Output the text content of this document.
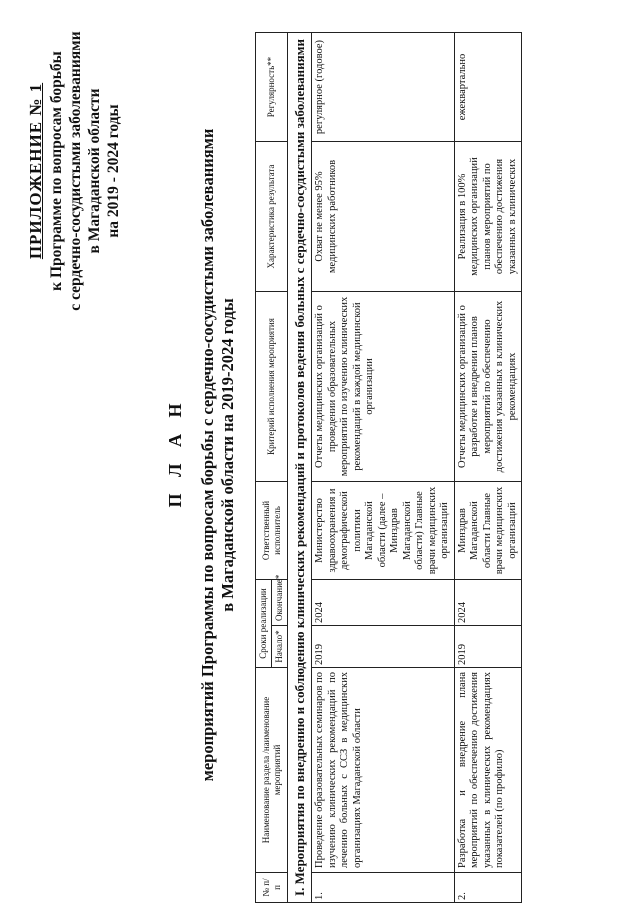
ПРИЛОЖЕНИЕ № 1 к Программе по вопросам борьбы с сердечно-сосудистыми заболеваниями в Магаданской области на 2019 - 2024 годы
П Л А Н мероприятий Программы по вопросам борьбы с сердечно-сосудистыми заболеваниями в Магаданской области на 2019-2024 годы
№ п/п	Наименование раздела /наименование мероприятий	Сроки реализации		Ответственный исполнитель	Критерий исполнения мероприятия	Характеристика результата	Регулярность**
		Начало*	Окончание*				
I. Мероприятия по внедрению и соблюдению клинических рекомендаций и протоколов ведения больных с сердечно-сосудистыми заболеваниями							
1.	Проведение образовательных семинаров по изучению клинических рекомендаций по лечению больных с ССЗ в медицинских организациях Магаданской области	2019	2024	Министерство здравоохранения и демографической политики Магаданской области (далее – Минздрав Магаданской области) Главные врачи медицинских организаций	Отчеты медицинских организаций о проведении образовательных мероприятий по изучению клинических рекомендаций в каждой медицинской организации	Охват не менее 95% медицинских работников	регулярное (годовое)
2.	Разработка и внедрение плана мероприятий по обеспечению достижения указанных в клинических рекомендациях показателей (по профилю)	2019	2024	Минздрав Магаданской области Главные врачи медицинских организаций	Отчеты медицинских организаций о разработке и внедрении планов мероприятий по обеспечению достижения указанных в клинических рекомендациях	Реализация в 100% медицинских организаций планов мероприятий по обеспечению достижения указанных в клинических	ежеквартально
